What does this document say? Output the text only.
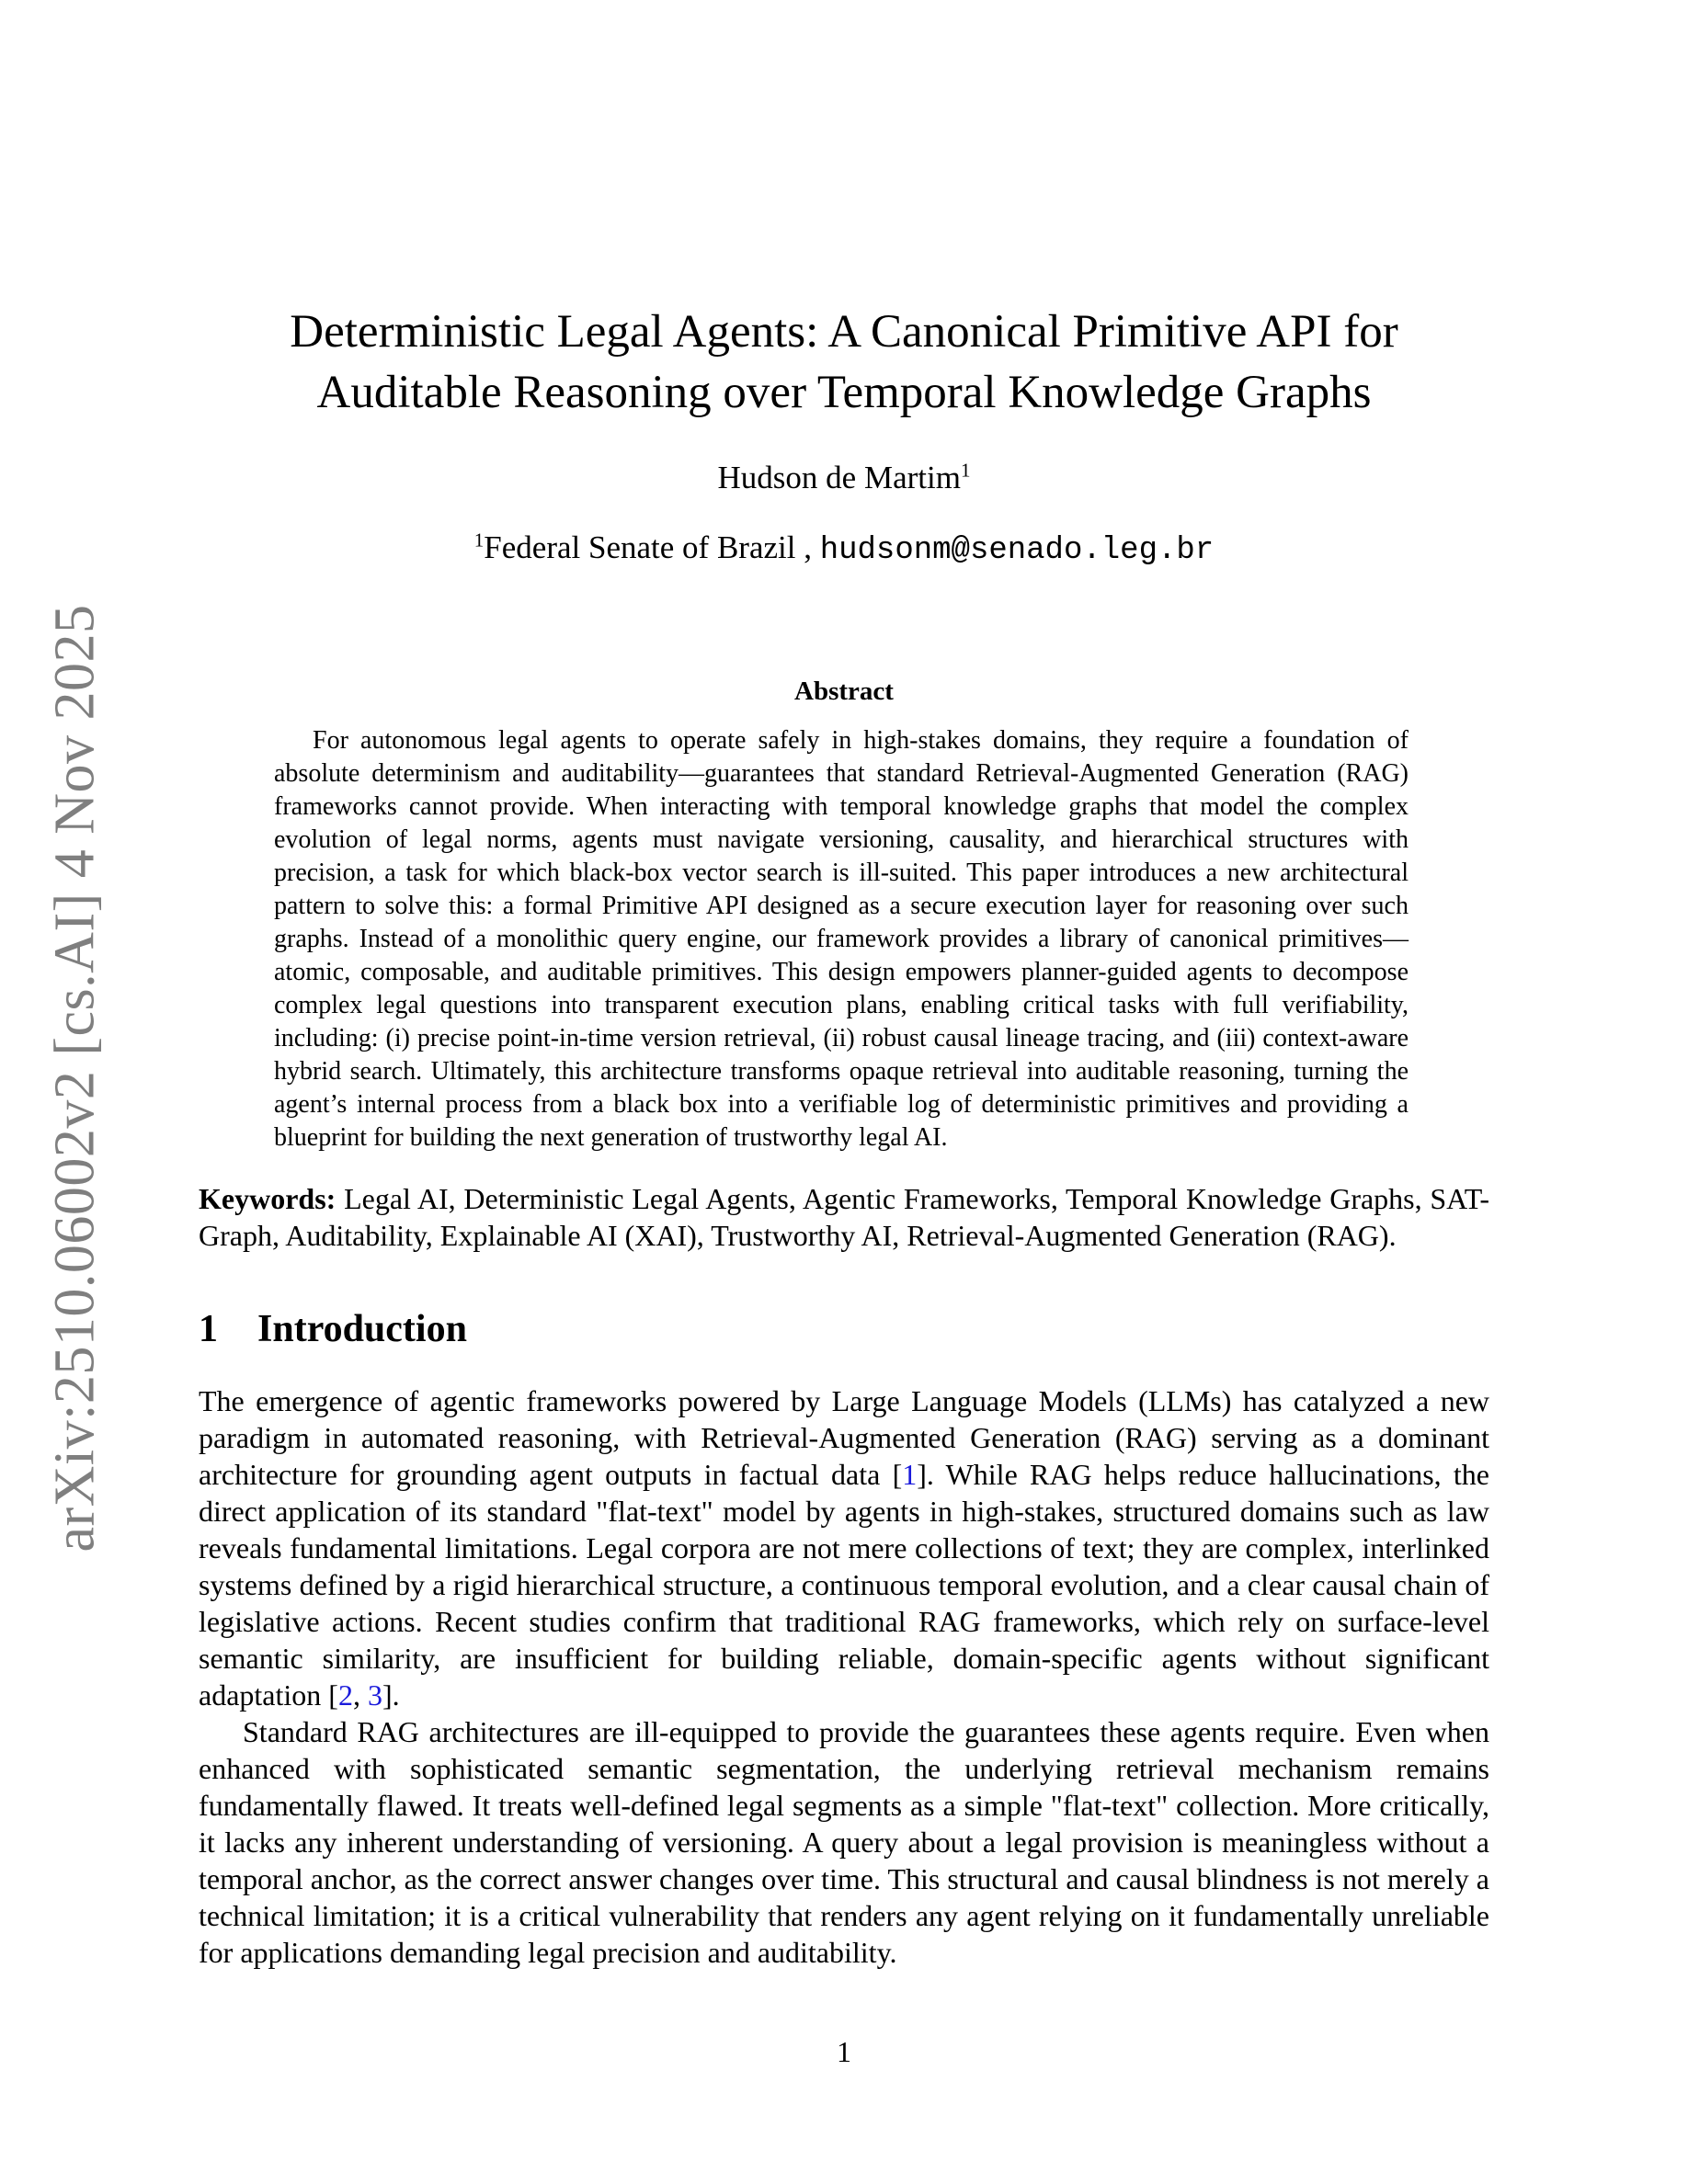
arXiv:2510.06002v2 [cs.AI] 4 Nov 2025
Deterministic Legal Agents: A Canonical Primitive API for
Auditable Reasoning over Temporal Knowledge Graphs
Hudson de Martim$^1$
$^1$Federal Senate of Brazil , hudsonm@senado.leg.br
Abstract

For autonomous legal agents to operate safely in high-stakes domains, they require a foundation of absolute determinism and auditability—guarantees that standard Retrieval-Augmented Generation (RAG) frameworks cannot provide. When interacting with temporal knowledge graphs that model the complex evolution of legal norms, agents must navigate versioning, causality, and hierarchical structures with precision, a task for which black-box vector search is ill-suited. This paper introduces a new architectural pattern to solve this: a formal Primitive API designed as a secure execution layer for reasoning over such graphs. Instead of a monolithic query engine, our framework provides a library of canonical primitives—atomic, composable, and auditable primitives. This design empowers planner-guided agents to decompose complex legal questions into transparent execution plans, enabling critical tasks with full verifiability, including: (i) precise point-in-time version retrieval, (ii) robust causal lineage tracing, and (iii) context-aware hybrid search. Ultimately, this architecture transforms opaque retrieval into auditable reasoning, turning the agent’s internal process from a black box into a verifiable log of deterministic primitives and providing a blueprint for building the next generation of trustworthy legal AI.

Keywords: Legal AI, Deterministic Legal Agents, Agentic Frameworks, Temporal Knowledge Graphs, SAT-Graph, Auditability, Explainable AI (XAI), Trustworthy AI, Retrieval-Augmented Generation (RAG).

1 Introduction

The emergence of agentic frameworks powered by Large Language Models (LLMs) has catalyzed a new paradigm in automated reasoning, with Retrieval-Augmented Generation (RAG) serving as a dominant architecture for grounding agent outputs in factual data [1]. While RAG helps reduce hallucinations, the direct application of its standard "flat-text" model by agents in high-stakes, structured domains such as law reveals fundamental limitations. Legal corpora are not mere collections of text; they are complex, interlinked systems defined by a rigid hierarchical structure, a continuous temporal evolution, and a clear causal chain of legislative actions. Recent studies confirm that traditional RAG frameworks, which rely on surface-level semantic similarity, are insufficient for building reliable, domain-specific agents without significant adaptation [2, 3].

Standard RAG architectures are ill-equipped to provide the guarantees these agents require. Even when enhanced with sophisticated semantic segmentation, the underlying retrieval mechanism remains fundamentally flawed. It treats well-defined legal segments as a simple "flat-text" collection. More critically, it lacks any inherent understanding of versioning. A query about a legal provision is meaningless without a temporal anchor, as the correct answer changes over time. This structural and causal blindness is not merely a technical limitation; it is a critical vulnerability that renders any agent relying on it fundamentally unreliable for applications demanding legal precision and auditability.

1
